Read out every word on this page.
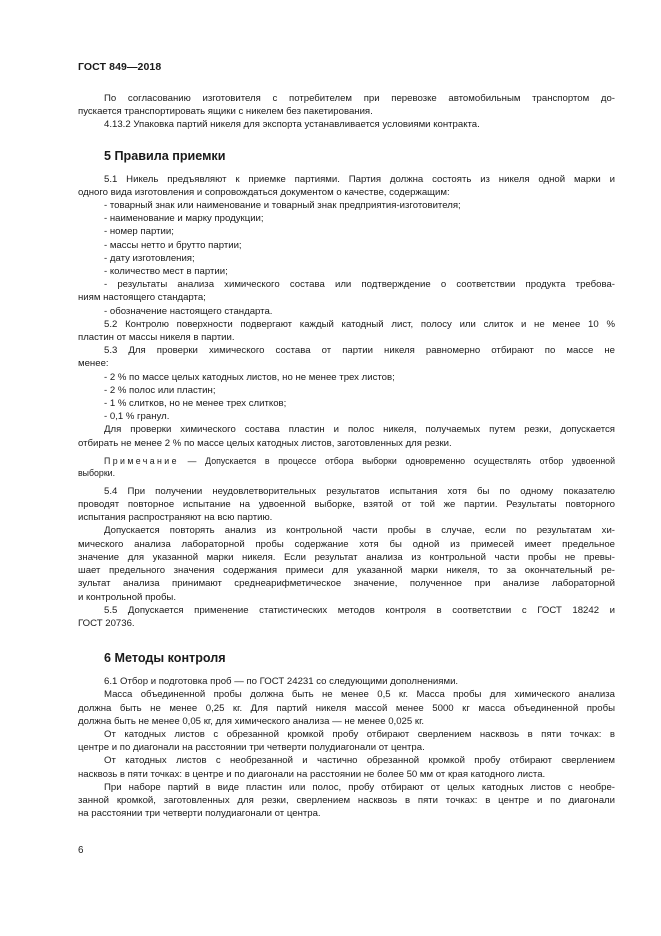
ГОСТ 849—2018
По согласованию изготовителя с потребителем при перевозке автомобильным транспортом до-
пускается транспортировать ящики с никелем без пакетирования.
4.13.2 Упаковка партий никеля для экспорта устанавливается условиями контракта.
5 Правила приемки
5.1 Никель предъявляют к приемке партиями. Партия должна состоять из никеля одной марки и
одного вида изготовления и сопровождаться документом о качестве, содержащим:
- товарный знак или наименование и товарный знак предприятия-изготовителя;
- наименование и марку продукции;
- номер партии;
- массы нетто и брутто партии;
- дату изготовления;
- количество мест в партии;
- результаты анализа химического состава или подтверждение о соответствии продукта требова-
ниям настоящего стандарта;
- обозначение настоящего стандарта.
5.2 Контролю поверхности подвергают каждый катодный лист, полосу или слиток и не менее 10 %
пластин от массы никеля в партии.
5.3 Для проверки химического состава от партии никеля равномерно отбирают по массе не
менее:
- 2 % по массе целых катодных листов, но не менее трех листов;
- 2 % полос или пластин;
- 1 % слитков, но не менее трех слитков;
- 0,1 % гранул.
Для проверки химического состава пластин и полос никеля, получаемых путем резки, допускается
отбирать не менее 2 % по массе целых катодных листов, заготовленных для резки.
Примечание — Допускается в процессе отбора выборки одновременно осуществлять отбор удвоенной
выборки.
5.4 При получении неудовлетворительных результатов испытания хотя бы по одному показателю
проводят повторное испытание на удвоенной выборке, взятой от той же партии. Результаты повторного
испытания распространяют на всю партию.
Допускается повторять анализ из контрольной части пробы в случае, если по результатам хи-
мического анализа лабораторной пробы содержание хотя бы одной из примесей имеет предельное
значение для указанной марки никеля. Если результат анализа из контрольной части пробы не превы-
шает предельного значения содержания примеси для указанной марки никеля, то за окончательный ре-
зультат анализа принимают среднеарифметическое значение, полученное при анализе лабораторной
и контрольной пробы.
5.5 Допускается применение статистических методов контроля в соответствии с ГОСТ 18242 и
ГОСТ 20736.
6 Методы контроля
6.1 Отбор и подготовка проб — по ГОСТ 24231 со следующими дополнениями.
Масса объединенной пробы должна быть не менее 0,5 кг. Масса пробы для химического анализа
должна быть не менее 0,25 кг. Для партий никеля массой менее 5000 кг масса объединенной пробы
должна быть не менее 0,05 кг, для химического анализа — не менее 0,025 кг.
От катодных листов с обрезанной кромкой пробу отбирают сверлением насквозь в пяти точках: в
центре и по диагонали на расстоянии три четверти полудиагонали от центра.
От катодных листов с необрезанной и частично обрезанной кромкой пробу отбирают сверлением
насквозь в пяти точках: в центре и по диагонали на расстоянии не более 50 мм от края катодного листа.
При наборе партий в виде пластин или полос, пробу отбирают от целых катодных листов с необре-
занной кромкой, заготовленных для резки, сверлением насквозь в пяти точках: в центре и по диагонали
на расстоянии три четверти полудиагонали от центра.
6
